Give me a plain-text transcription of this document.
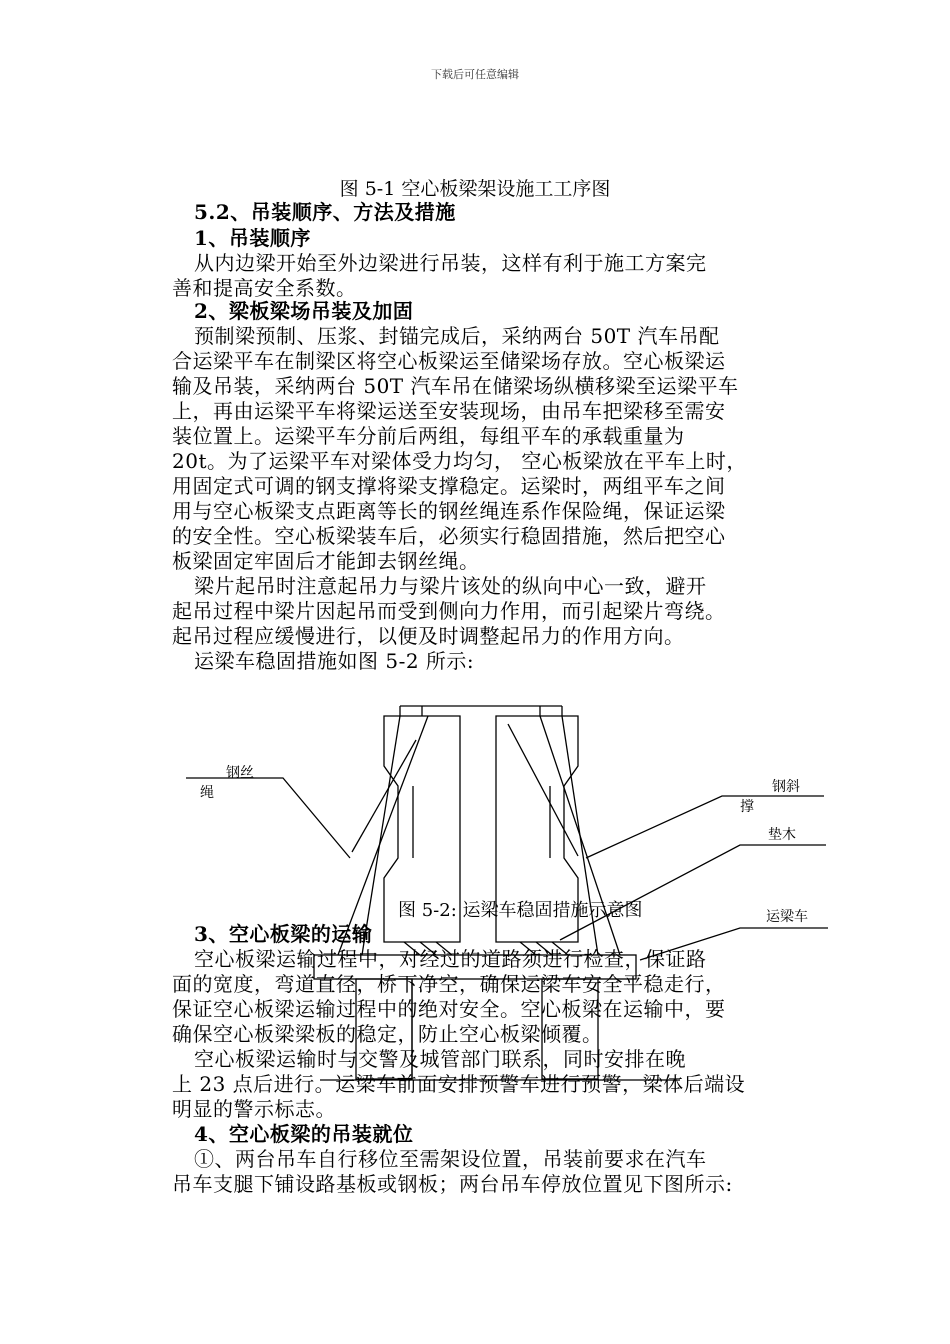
下载后可任意编辑
图 5-1 空心板梁架设施工工序图
5.2、吊装顺序、方法及措施
1、吊装顺序
从内边梁开始至外边梁进行吊装，这样有利于施工方案完
善和提高安全系数。
2、梁板梁场吊装及加固
预制梁预制、压浆、封锚完成后，采纳两台 50T 汽车吊配
合运梁平车在制梁区将空心板梁运至储梁场存放。空心板梁运
输及吊装，采纳两台 50T 汽车吊在储梁场纵横移梁至运梁平车
上，再由运梁平车将梁运送至安装现场，由吊车把梁移至需安
装位置上。运梁平车分前后两组，每组平车的承载重量为
20t。为了运梁平车对梁体受力均匀， 空心板梁放在平车上时，
用固定式可调的钢支撑将梁支撑稳定。运梁时，两组平车之间
用与空心板梁支点距离等长的钢丝绳连系作保险绳，保证运梁
的安全性。空心板梁装车后，必须实行稳固措施，然后把空心
板梁固定牢固后才能卸去钢丝绳。
梁片起吊时注意起吊力与梁片该处的纵向中心一致，避开
起吊过程中梁片因起吊而受到侧向力作用，而引起梁片弯绕。
起吊过程应缓慢进行，以便及时调整起吊力的作用方向。
运梁车稳固措施如图 5-2 所示:
钢丝
绳	钢斜
撑
垫木
运梁车
图 5-2: 运梁车稳固措施示意图
3、空心板梁的运输
空心板梁运输过程中，对经过的道路须进行检查，保证路
面的宽度，弯道直径，桥下净空，确保运梁车安全平稳走行，
保证空心板梁运输过程中的绝对安全。空心板梁在运输中，要
确保空心板梁梁板的稳定，防止空心板梁倾覆。
空心板梁运输时与交警及城管部门联系，同时安排在晚
上 23 点后进行。运梁车前面安排预警车进行预警，梁体后端设
明显的警示标志。
4、空心板梁的吊装就位
①、两台吊车自行移位至需架设位置，吊装前要求在汽车
吊车支腿下铺设路基板或钢板；两台吊车停放位置见下图所示:
